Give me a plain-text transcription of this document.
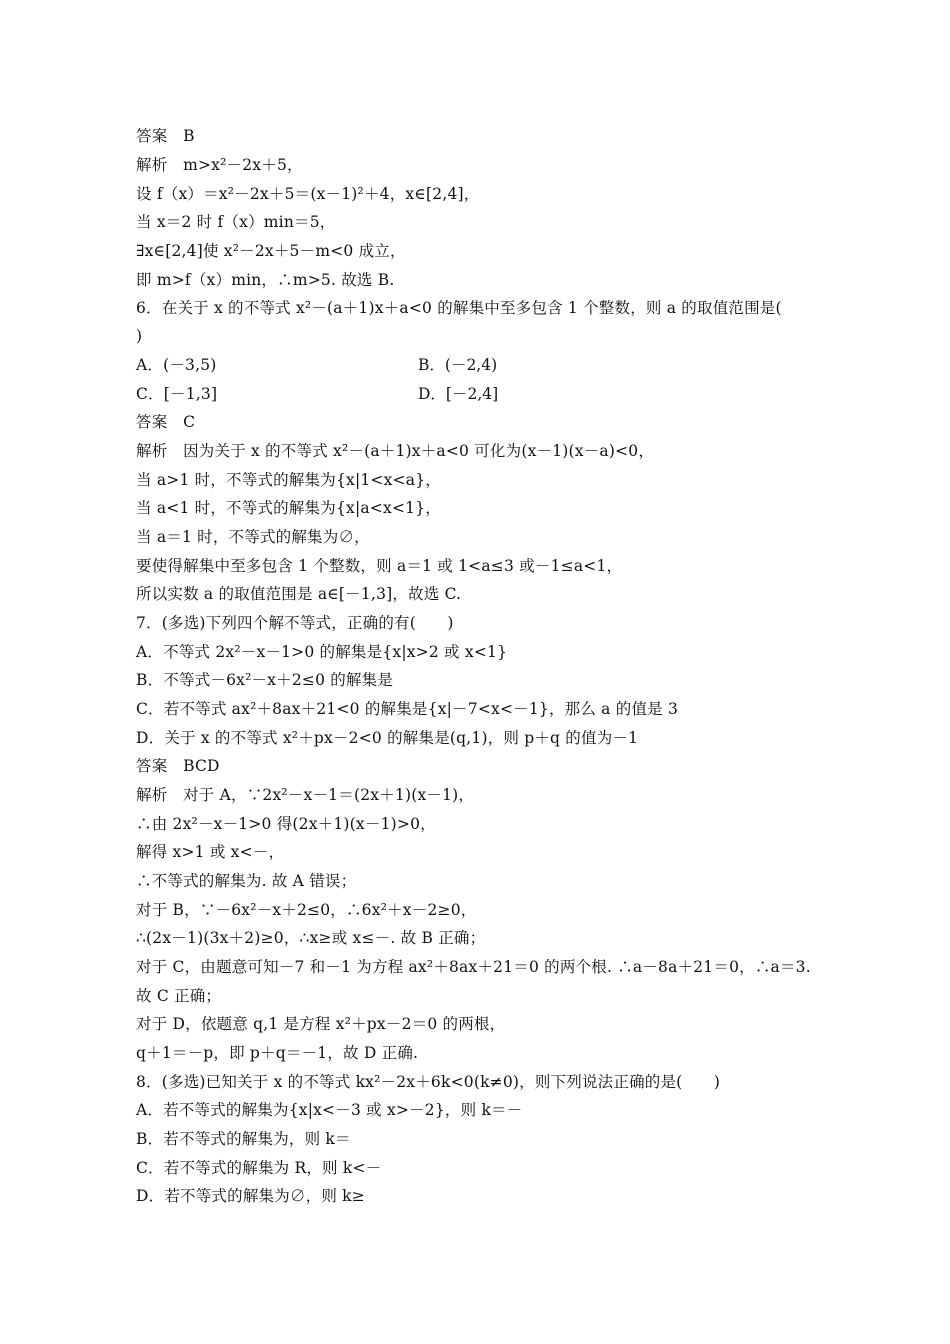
答案　B
解析　m>x²－2x＋5，
设 f（x）＝x²－2x＋5＝(x－1)²＋4，x∈[2,4]，
当 x＝2 时 f（x）min＝5，
∃x∈[2,4]使 x²－2x＋5－m<0 成立，
即 m>f（x）min，∴m>5. 故选 B.
6．在关于 x 的不等式 x²－(a＋1)x＋a<0 的解集中至多包含 1 个整数，则 a 的取值范围是(
)
A．(－3,5)	B．(－2,4)
C．[－1,3]	D．[－2,4]
答案　C
解析　因为关于 x 的不等式 x²－(a＋1)x＋a<0 可化为(x－1)(x－a)<0，
当 a>1 时，不等式的解集为{x|1<x<a}，
当 a<1 时，不等式的解集为{x|a<x<1}，
当 a＝1 时，不等式的解集为∅，
要使得解集中至多包含 1 个整数，则 a＝1 或 1<a≤3 或－1≤a<1，
所以实数 a 的取值范围是 a∈[－1,3]，故选 C.
7．(多选)下列四个解不等式，正确的有(　　)
A．不等式 2x²－x－1>0 的解集是{x|x>2 或 x<1}
B．不等式－6x²－x＋2≤0 的解集是
C．若不等式 ax²＋8ax＋21<0 的解集是{x|－7<x<－1}，那么 a 的值是 3
D．关于 x 的不等式 x²＋px－2<0 的解集是(q,1)，则 p＋q 的值为－1
答案　BCD
解析　对于 A，∵2x²－x－1＝(2x＋1)(x－1)，
∴由 2x²－x－1>0 得(2x＋1)(x－1)>0，
解得 x>1 或 x<－，
∴不等式的解集为. 故 A 错误；
对于 B，∵－6x²－x＋2≤0，∴6x²＋x－2≥0，
∴(2x－1)(3x＋2)≥0，∴x≥或 x≤－. 故 B 正确；
对于 C，由题意可知－7 和－1 为方程 ax²＋8ax＋21＝0 的两个根. ∴a－8a＋21＝0，∴a＝3.
故 C 正确；
对于 D，依题意 q,1 是方程 x²＋px－2＝0 的两根，
q＋1＝－p，即 p＋q＝－1，故 D 正确.
8．(多选)已知关于 x 的不等式 kx²－2x＋6k<0(k≠0)，则下列说法正确的是(　　)
A．若不等式的解集为{x|x<－3 或 x>－2}，则 k＝－
B．若不等式的解集为，则 k＝
C．若不等式的解集为 R，则 k<－
D．若不等式的解集为∅，则 k≥
